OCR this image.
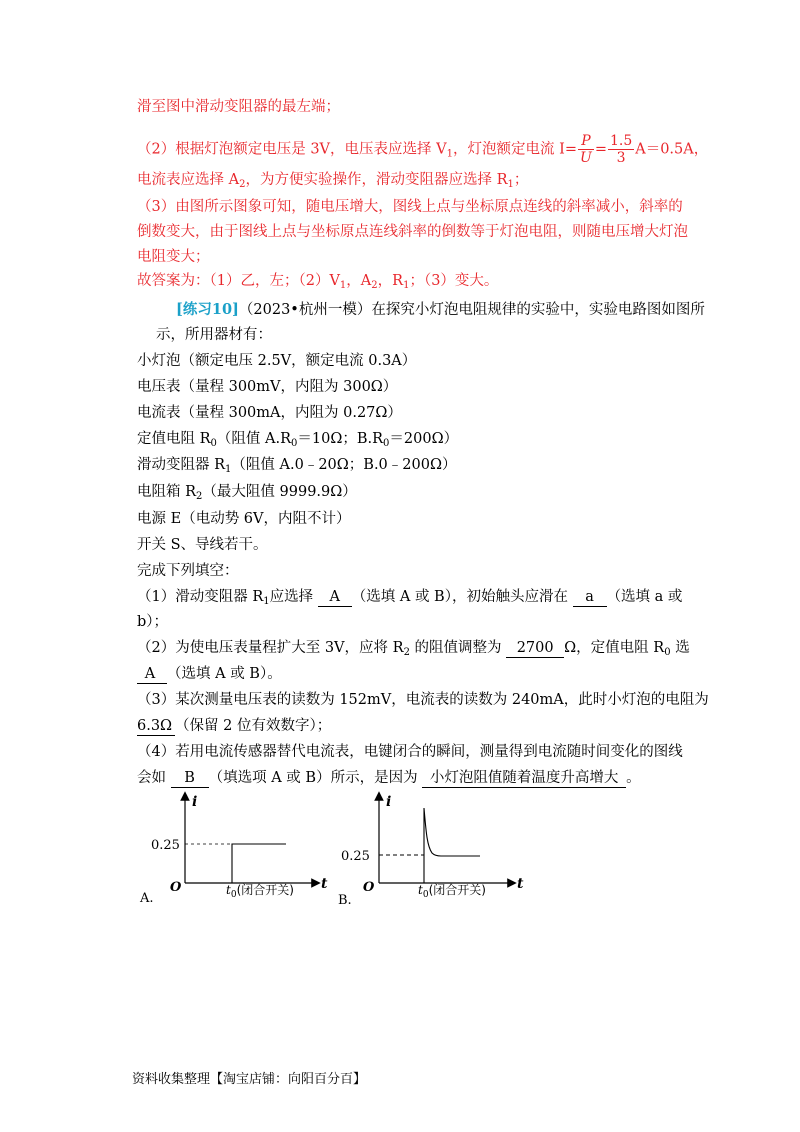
滑至图中滑动变阻器的最左端；
（2）根据灯泡额定电压是 3V，电压表应选择 $V_1$，灯泡额定电流 $I= \frac{P}{U} = \frac{1.5}{3} A=0.5A$，
电流表应选择 $A_2$，为方便实验操作，滑动变阻器应选择 $R_1$；
（3）由图所示图象可知，随电压增大，图线上点与坐标原点连线的斜率减小，斜率的
倒数变大，由于图线上点与坐标原点连线斜率的倒数等于灯泡电阻，则随电压增大灯泡
电阻变大；
故答案为：（1）乙，左；$(2)V_1$，$A_2$，$R_1$；（3）变大。
[练习10]（2023•杭州一模）在探究小灯泡电阻规律的实验中，实验电路图如图所
示，所用器材有：
小灯泡（额定电压 2.5V，额定电流 0.3A）
电压表（量程 300mV，内阻为 300Ω）
电流表（量程 300mA，内阻为 0.27Ω）
定值电阻 $R_0$（阻值 $A.R_0=10\Omega$；$B.R_0=200\Omega$）
滑动变阻器 $R_1$（阻值 A.0﹣20Ω；B.0﹣200Ω）
电阻箱 $R_2$（最大阻值 9999.9Ω）
电源 E（电动势 6V，内阻不计）
开关 S、导线若干。
完成下列填空：
（1）滑动变阻器 $R_1$应选择 A （选填 A 或 B），初始触头应滑在 a （选填 a 或
b）；
（2）为使电压表量程扩大至 3V，应将 $R_2$ 的阻值调整为 2700 Ω，定值电阻 $R_0$ 选
A （选填 A 或 B）。
（3）某次测量电压表的读数为 152mV，电流表的读数为 240mA，此时小灯泡的电阻为
6.3Ω （保留 2 位有效数字）；
（4）若用电流传感器替代电流表，电键闭合的瞬间，测量得到电流随时间变化的图线
会如 B （填选项 A 或 B）所示，是因为 小灯泡阻值随着温度升高增大 。
i
t
O
0.25
$t_0$(闭合开关)
A.
i
t
O
0.25
$t_0$(闭合开关)
B.
资料收集整理【淘宝店铺：向阳百分百】
